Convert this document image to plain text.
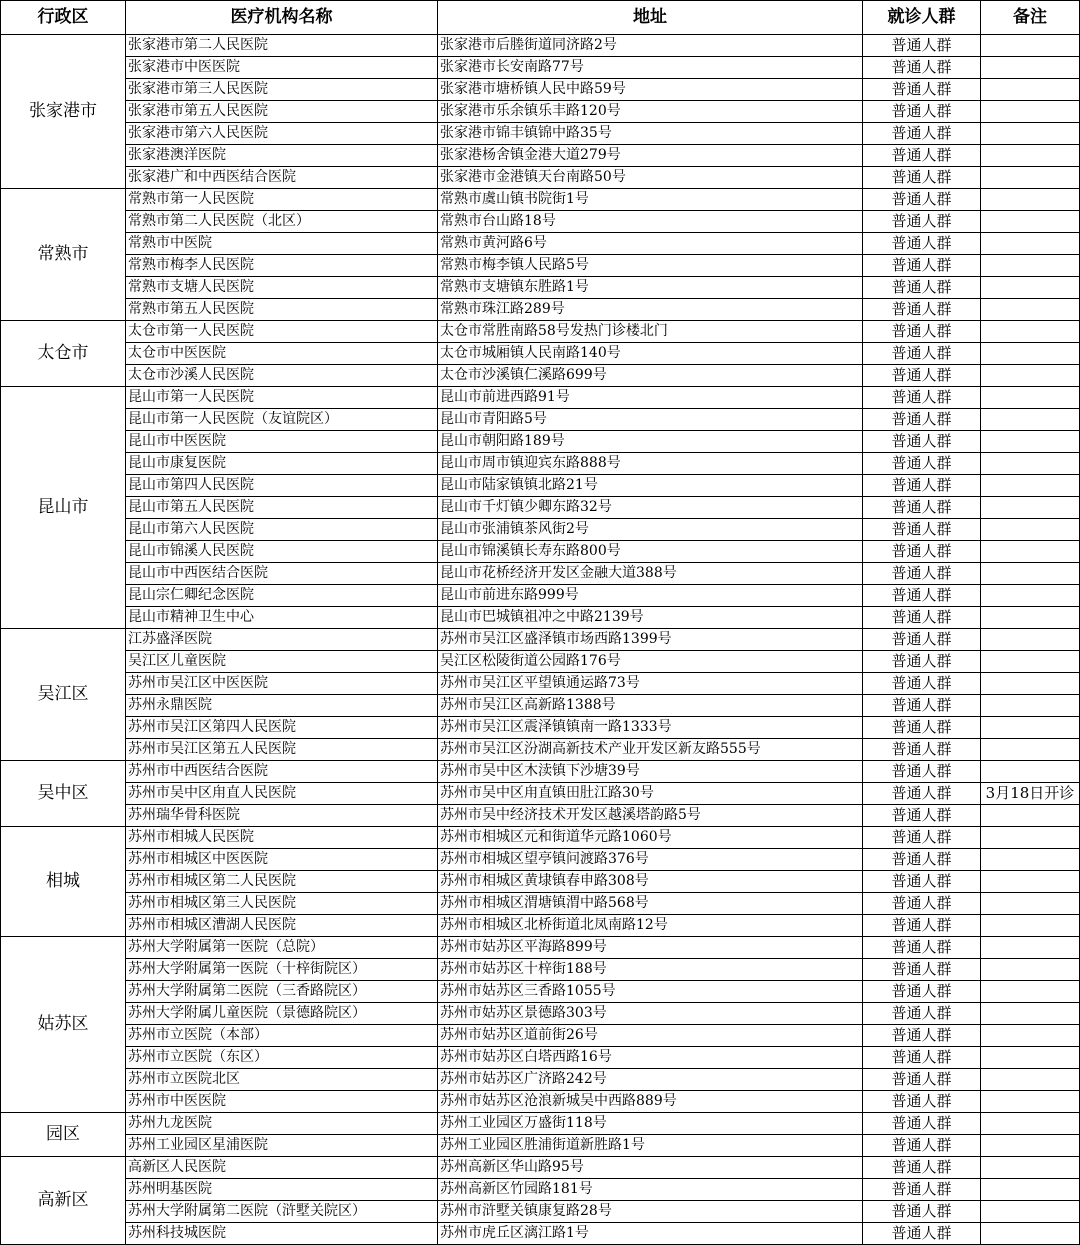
行政区	医疗机构名称	地址	就诊人群	备注
张家港市	张家港市第二人民医院	张家港市后塍街道同济路2号	普通人群	
	张家港市中医医院	张家港市长安南路77号	普通人群	
	张家港市第三人民医院	张家港市塘桥镇人民中路59号	普通人群	
	张家港市第五人民医院	张家港市乐余镇乐丰路120号	普通人群	
	张家港市第六人民医院	张家港市锦丰镇锦中路35号	普通人群	
	张家港澳洋医院	张家港杨舍镇金港大道279号	普通人群	
	张家港广和中西医结合医院	张家港市金港镇天台南路50号	普通人群	
常熟市	常熟市第一人民医院	常熟市虞山镇书院街1号	普通人群	
	常熟市第二人民医院（北区）	常熟市台山路18号	普通人群	
	常熟市中医院	常熟市黄河路6号	普通人群	
	常熟市梅李人民医院	常熟市梅李镇人民路5号	普通人群	
	常熟市支塘人民医院	常熟市支塘镇东胜路1号	普通人群	
	常熟市第五人民医院	常熟市珠江路289号	普通人群	
太仓市	太仓市第一人民医院	太仓市常胜南路58号发热门诊楼北门	普通人群	
	太仓市中医医院	太仓市城厢镇人民南路140号	普通人群	
	太仓市沙溪人民医院	太仓市沙溪镇仁溪路699号	普通人群	
昆山市	昆山市第一人民医院	昆山市前进西路91号	普通人群	
	昆山市第一人民医院（友谊院区）	昆山市青阳路5号	普通人群	
	昆山市中医医院	昆山市朝阳路189号	普通人群	
	昆山市康复医院	昆山市周市镇迎宾东路888号	普通人群	
	昆山市第四人民医院	昆山市陆家镇镇北路21号	普通人群	
	昆山市第五人民医院	昆山市千灯镇少卿东路32号	普通人群	
	昆山市第六人民医院	昆山市张浦镇茶风街2号	普通人群	
	昆山市锦溪人民医院	昆山市锦溪镇长寿东路800号	普通人群	
	昆山市中西医结合医院	昆山市花桥经济开发区金融大道388号	普通人群	
	昆山宗仁卿纪念医院	昆山市前进东路999号	普通人群	
	昆山市精神卫生中心	昆山市巴城镇祖冲之中路2139号	普通人群	
吴江区	江苏盛泽医院	苏州市吴江区盛泽镇市场西路1399号	普通人群	
	吴江区儿童医院	吴江区松陵街道公园路176号	普通人群	
	苏州市吴江区中医医院	苏州市吴江区平望镇通运路73号	普通人群	
	苏州永鼎医院	苏州市吴江区高新路1388号	普通人群	
	苏州市吴江区第四人民医院	苏州市吴江区震泽镇镇南一路1333号	普通人群	
	苏州市吴江区第五人民医院	苏州市吴江区汾湖高新技术产业开发区新友路555号	普通人群	
吴中区	苏州市中西医结合医院	苏州市吴中区木渎镇下沙塘39号	普通人群	
	苏州市吴中区甪直人民医院	苏州市吴中区甪直镇田肚江路30号	普通人群	3月18日开诊
	苏州瑞华骨科医院	苏州市吴中经济技术开发区越溪塔韵路5号	普通人群	
相城	苏州市相城人民医院	苏州市相城区元和街道华元路1060号	普通人群	
	苏州市相城区中医医院	苏州市相城区望亭镇问渡路376号	普通人群	
	苏州市相城区第二人民医院	苏州市相城区黄埭镇春申路308号	普通人群	
	苏州市相城区第三人民医院	苏州市相城区渭塘镇渭中路568号	普通人群	
	苏州市相城区漕湖人民医院	苏州市相城区北桥街道北凤南路12号	普通人群	
姑苏区	苏州大学附属第一医院（总院）	苏州市姑苏区平海路899号	普通人群	
	苏州大学附属第一医院（十梓街院区）	苏州市姑苏区十梓街188号	普通人群	
	苏州大学附属第二医院（三香路院区）	苏州市姑苏区三香路1055号	普通人群	
	苏州大学附属儿童医院（景德路院区）	苏州市姑苏区景德路303号	普通人群	
	苏州市立医院（本部）	苏州市姑苏区道前街26号	普通人群	
	苏州市立医院（东区）	苏州市姑苏区白塔西路16号	普通人群	
	苏州市立医院北区	苏州市姑苏区广济路242号	普通人群	
	苏州市中医医院	苏州市姑苏区沧浪新城吴中西路889号	普通人群	
园区	苏州九龙医院	苏州工业园区万盛街118号	普通人群	
	苏州工业园区星浦医院	苏州工业园区胜浦街道新胜路1号	普通人群	
高新区	高新区人民医院	苏州高新区华山路95号	普通人群	
	苏州明基医院	苏州高新区竹园路181号	普通人群	
	苏州大学附属第二医院（浒墅关院区）	苏州市浒墅关镇康复路28号	普通人群	
	苏州科技城医院	苏州市虎丘区漓江路1号	普通人群	
